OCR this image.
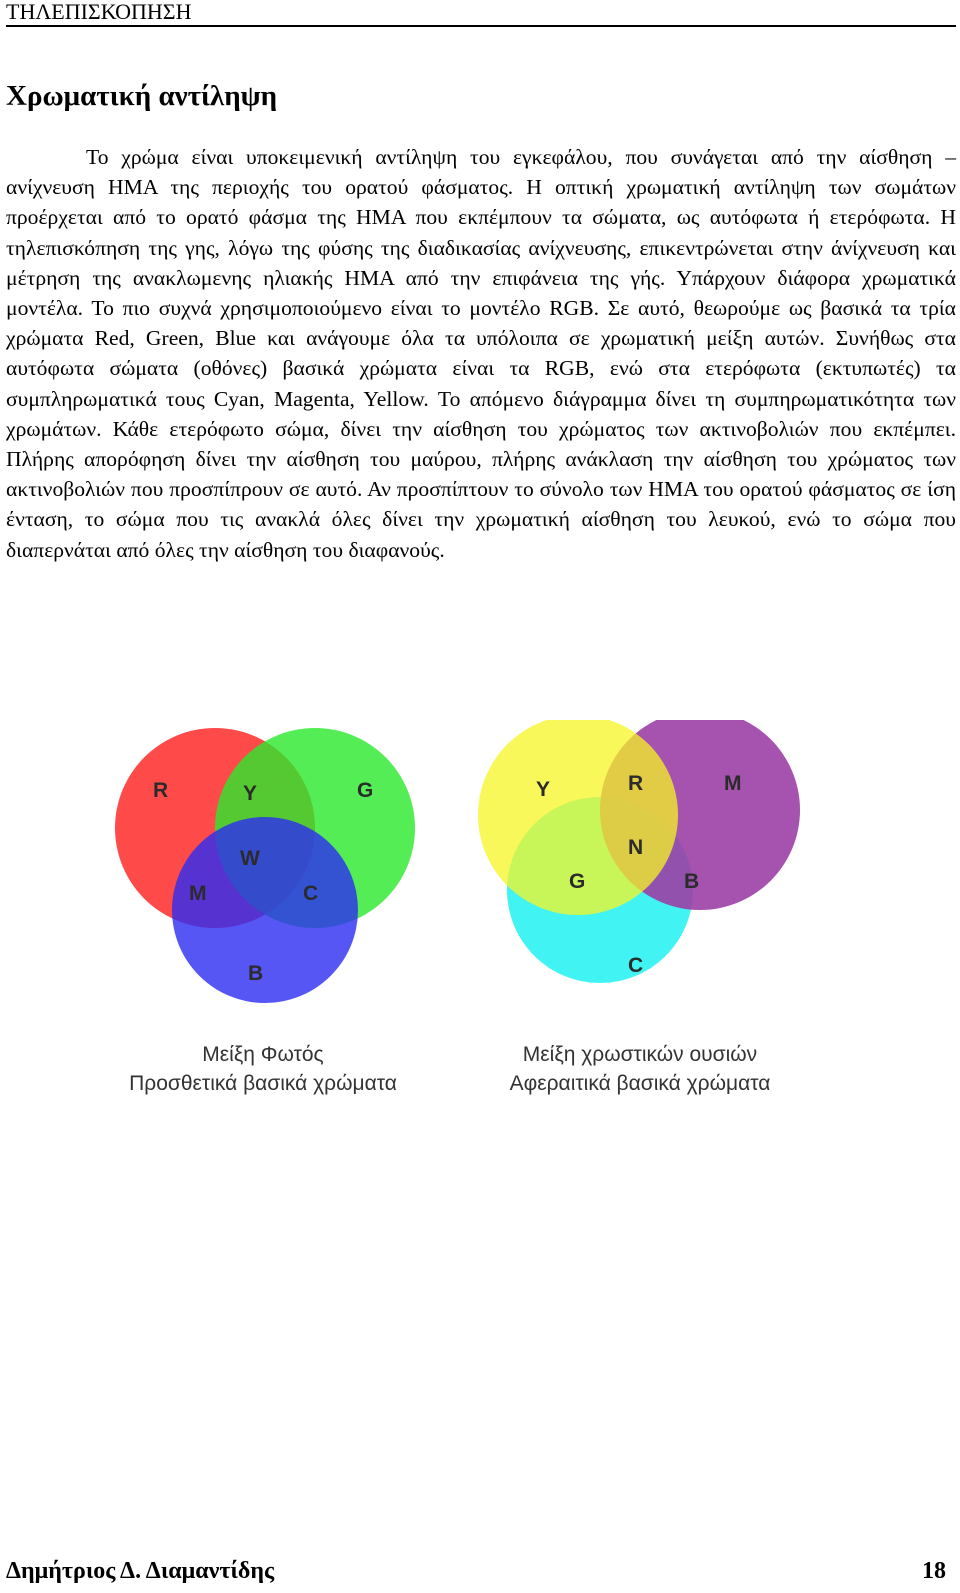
ΤΗΛΕΠΙΣΚΟΠΗΣΗ
Χρωματική αντίληψη

Το χρώμα είναι υποκειμενική αντίληψη του εγκεφάλου, που συνάγεται από την αίσθηση – ανίχνευση ΗΜΑ της περιοχής του ορατού φάσματος. Η οπτική χρωματική αντίληψη των σωμάτων προέρχεται από το ορατό φάσμα της ΗΜΑ που εκπέμπουν τα σώματα, ως αυτόφωτα ή ετερόφωτα. Η τηλεπισκόπηση της γης, λόγω της φύσης της διαδικασίας ανίχνευσης, επικεντρώνεται στην άνίχνευση και μέτρηση της ανακλωμενης ηλιακής ΗΜΑ από την επιφάνεια της γής. Υπάρχουν διάφορα χρωματικά μοντέλα. Το πιο συχνά χρησιμοποιούμενο είναι το μοντέλο RGB. Σε αυτό, θεωρούμε ως βασικά τα τρία χρώματα Red, Green, Blue και ανάγουμε όλα τα υπόλοιπα σε χρωματική μείξη αυτών. Συνήθως στα αυτόφωτα σώματα (οθόνες) βασικά χρώματα είναι τα RGB, ενώ στα ετερόφωτα (εκτυπωτές) τα συμπληρωματικά τους Cyan, Magenta, Yellow. Το απόμενο διάγραμμα δίνει τη συμπηρωματικότητα των χρωμάτων. Κάθε ετερόφωτο σώμα, δίνει την αίσθηση του χρώματος των ακτινοβολιών που εκπέμπει. Πλήρης απορόφηση δίνει την αίσθηση του μαύρου, πλήρης ανάκλαση την αίσθηση του χρώματος των ακτινοβολιών που προσπίπρουν σε αυτό. Αν προσπίπτουν το σύνολο των ΗΜΑ του ορατού φάσματος σε ίση ένταση, το σώμα που τις ανακλά όλες δίνει την χρωματική αίσθηση του λευκού, ενώ το σώμα που διαπερνάται από όλες την αίσθηση του διαφανούς.

R	Y	G
W
M	C
B
Y	R	M
N
G	B
C
Μείξη Φωτός
Προσθετικά βασικά χρώματα
Μείξη χρωστικών ουσιών
Αφεραιτικά βασικά χρώματα
Δημήτριος Δ. Διαμαντίδης	18
